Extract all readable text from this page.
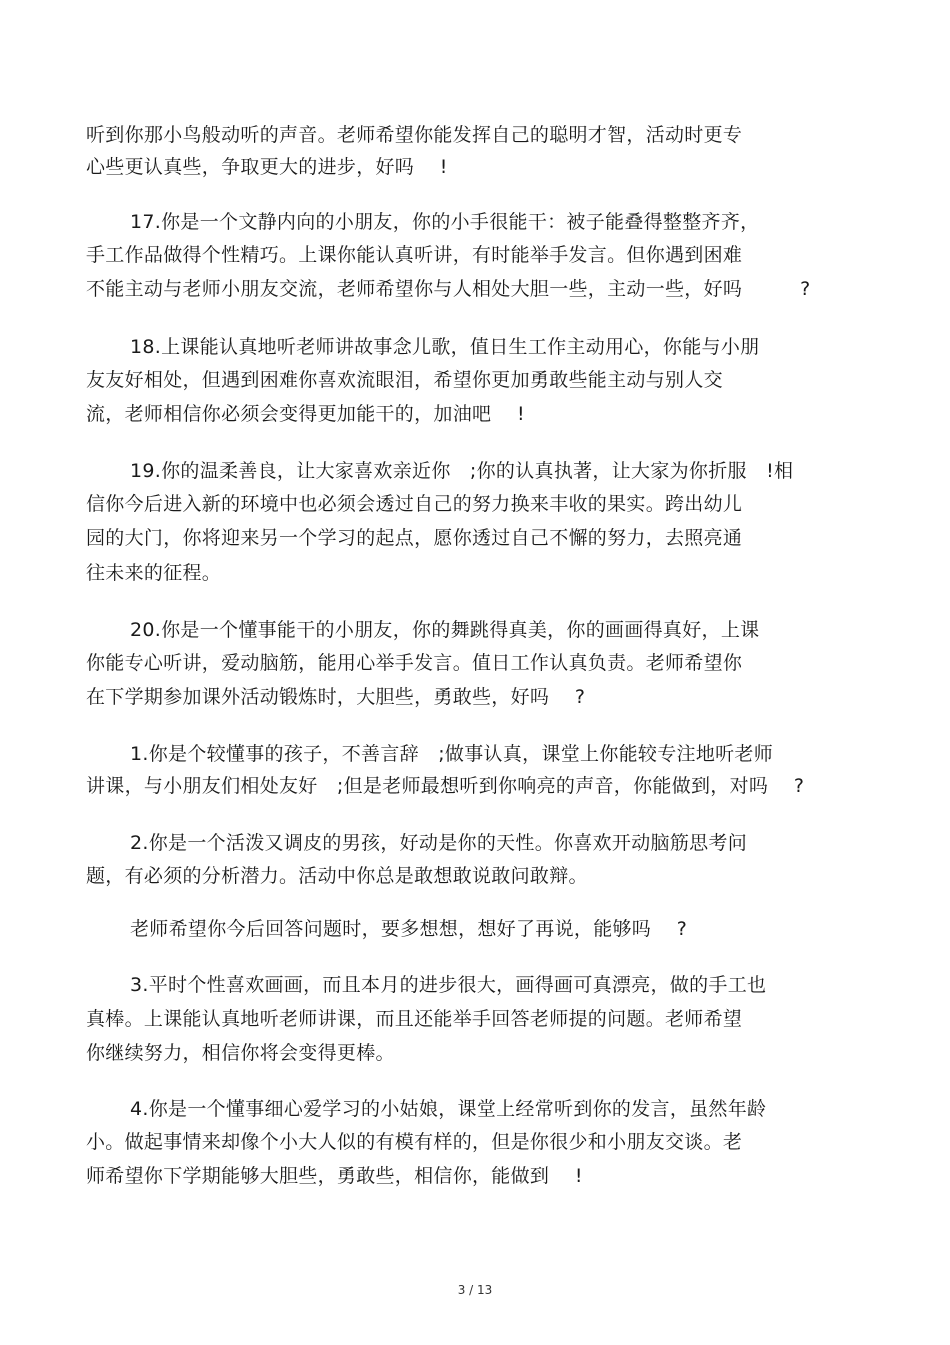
听到你那小鸟般动听的声音。老师希望你能发挥自己的聪明才智，活动时更专
心些更认真些，争取更大的进步，好吗　 !
17.你是一个文静内向的小朋友，你的小手很能干：被子能叠得整整齐齐，
手工作品做得个性精巧。上课你能认真听讲，有时能举手发言。但你遇到困难
不能主动与老师小朋友交流，老师希望你与人相处大胆一些，主动一些，好吗　　　?
18.上课能认真地听老师讲故事念儿歌，值日生工作主动用心，你能与小朋
友友好相处，但遇到困难你喜欢流眼泪，希望你更加勇敢些能主动与别人交
流，老师相信你必须会变得更加能干的，加油吧　 !
19.你的温柔善良，让大家喜欢亲近你　;你的认真执著，让大家为你折服　!相
信你今后进入新的环境中也必须会透过自己的努力换来丰收的果实。跨出幼儿
园的大门，你将迎来另一个学习的起点，愿你透过自己不懈的努力，去照亮通
往未来的征程。
20.你是一个懂事能干的小朋友，你的舞跳得真美，你的画画得真好，上课
你能专心听讲，爱动脑筋，能用心举手发言。值日工作认真负责。老师希望你
在下学期参加课外活动锻炼时，大胆些，勇敢些，好吗　 ?
1.你是个较懂事的孩子，不善言辞　;做事认真，课堂上你能较专注地听老师
讲课，与小朋友们相处友好　;但是老师最想听到你响亮的声音，你能做到，对吗　 ?
2.你是一个活泼又调皮的男孩，好动是你的天性。你喜欢开动脑筋思考问
题，有必须的分析潜力。活动中你总是敢想敢说敢问敢辩。
老师希望你今后回答问题时，要多想想，想好了再说，能够吗　 ?
3.平时个性喜欢画画，而且本月的进步很大，画得画可真漂亮，做的手工也
真棒。上课能认真地听老师讲课，而且还能举手回答老师提的问题。老师希望
你继续努力，相信你将会变得更棒。
4.你是一个懂事细心爱学习的小姑娘，课堂上经常听到你的发言，虽然年龄
小。做起事情来却像个小大人似的有模有样的，但是你很少和小朋友交谈。老
师希望你下学期能够大胆些，勇敢些，相信你，能做到　 !
3 / 13
